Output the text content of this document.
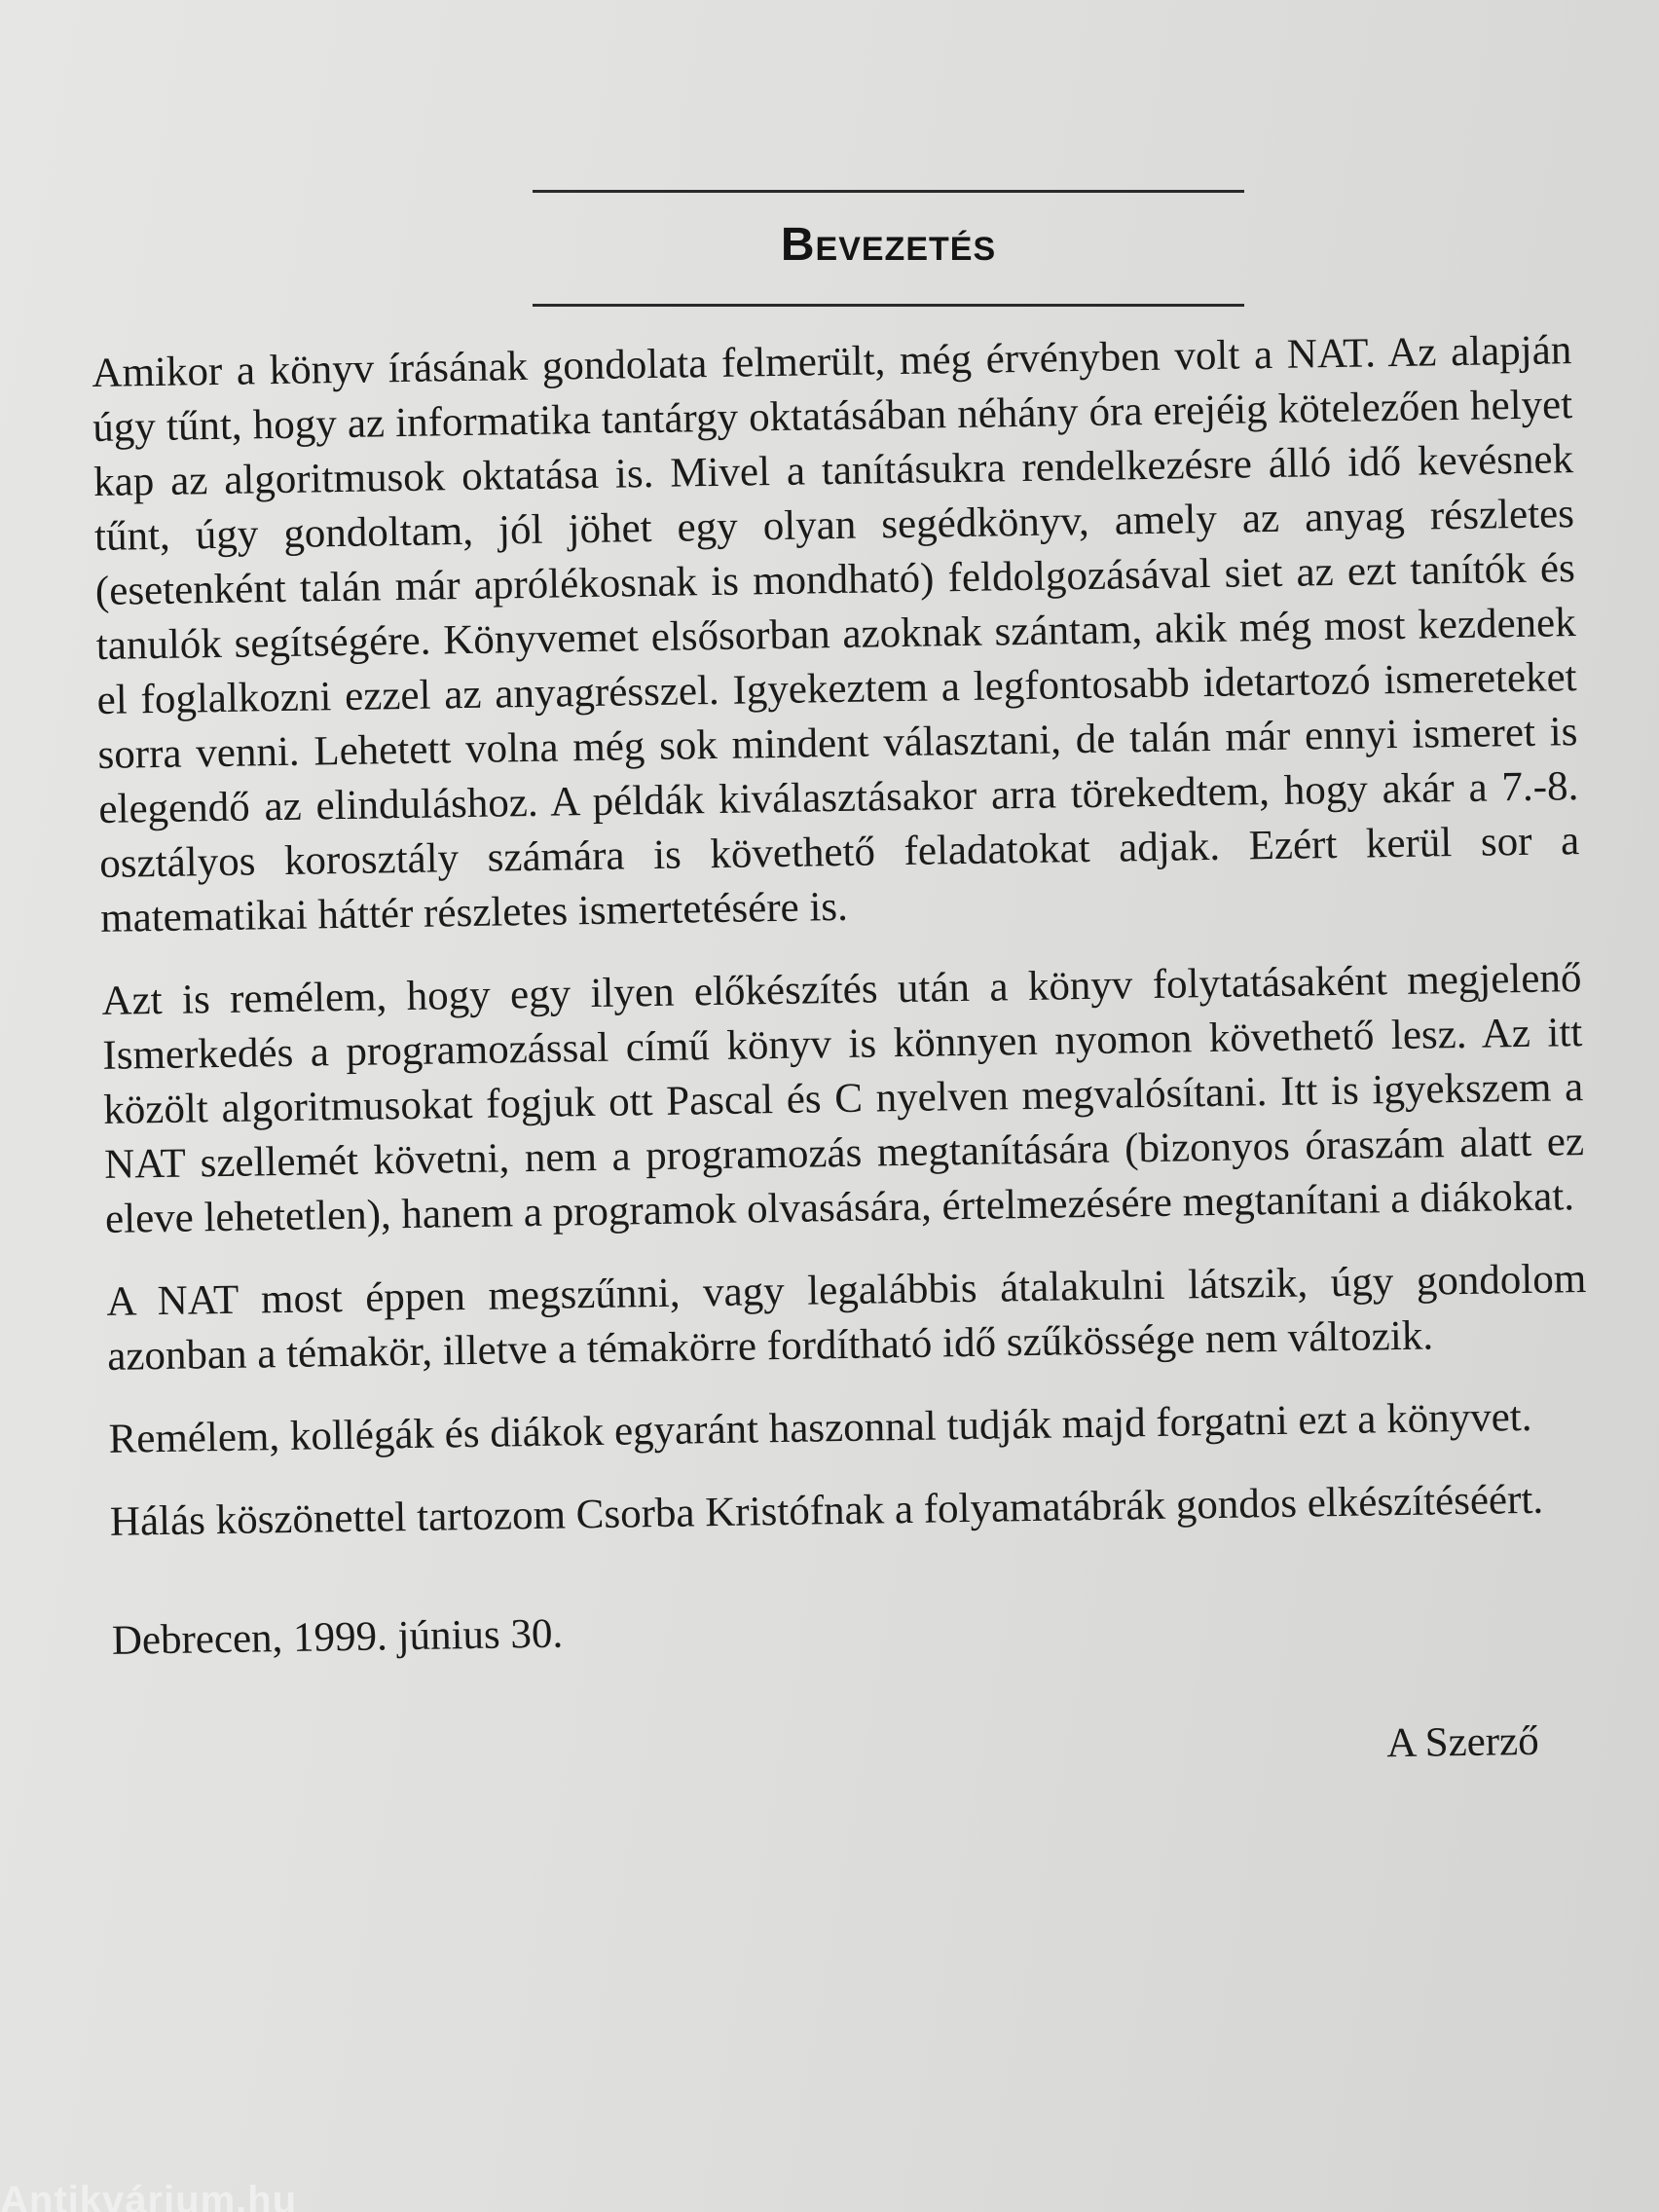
Bevezetés

Amikor a könyv írásának gondolata felmerült, még érvényben volt a NAT. Az alapján úgy tűnt, hogy az informatika tantárgy oktatásában néhány óra erejéig kötelezően helyet kap az algoritmusok oktatása is. Mivel a tanításukra rendelkezésre álló idő kevésnek tűnt, úgy gondoltam, jól jöhet egy olyan segédkönyv, amely az anyag részletes (esetenként talán már aprólékosnak is mondható) feldolgozásával siet az ezt tanítók és tanulók segítségére. Könyvemet elsősorban azoknak szántam, akik még most kezdenek el foglalkozni ezzel az anyagrésszel. Igyekeztem a legfontosabb idetartozó ismereteket sorra venni. Lehetett volna még sok mindent választani, de talán már ennyi ismeret is elegendő az elinduláshoz. A példák kiválasztásakor arra törekedtem, hogy akár a 7.-8. osztályos korosztály számára is követhető feladatokat adjak. Ezért kerül sor a matematikai háttér részletes ismertetésére is.

Azt is remélem, hogy egy ilyen előkészítés után a könyv folytatásaként megjelenő Ismerkedés a programozással című könyv is könnyen nyomon követhető lesz. Az itt közölt algoritmusokat fogjuk ott Pascal és C nyelven megvalósítani. Itt is igyekszem a NAT szellemét követni, nem a programozás megtanítására (bizonyos óraszám alatt ez eleve lehetetlen), hanem a programok olvasására, értelmezésére megtanítani a diákokat.

A NAT most éppen megszűnni, vagy legalábbis átalakulni látszik, úgy gondolom azonban a témakör, illetve a témakörre fordítható idő szűkössége nem változik.

Remélem, kollégák és diákok egyaránt haszonnal tudják majd forgatni ezt a könyvet.

Hálás köszönettel tartozom Csorba Kristófnak a folyamatábrák gondos elkészítéséért.

Debrecen, 1999. június 30.
A Szerző
Antikvárium.hu
